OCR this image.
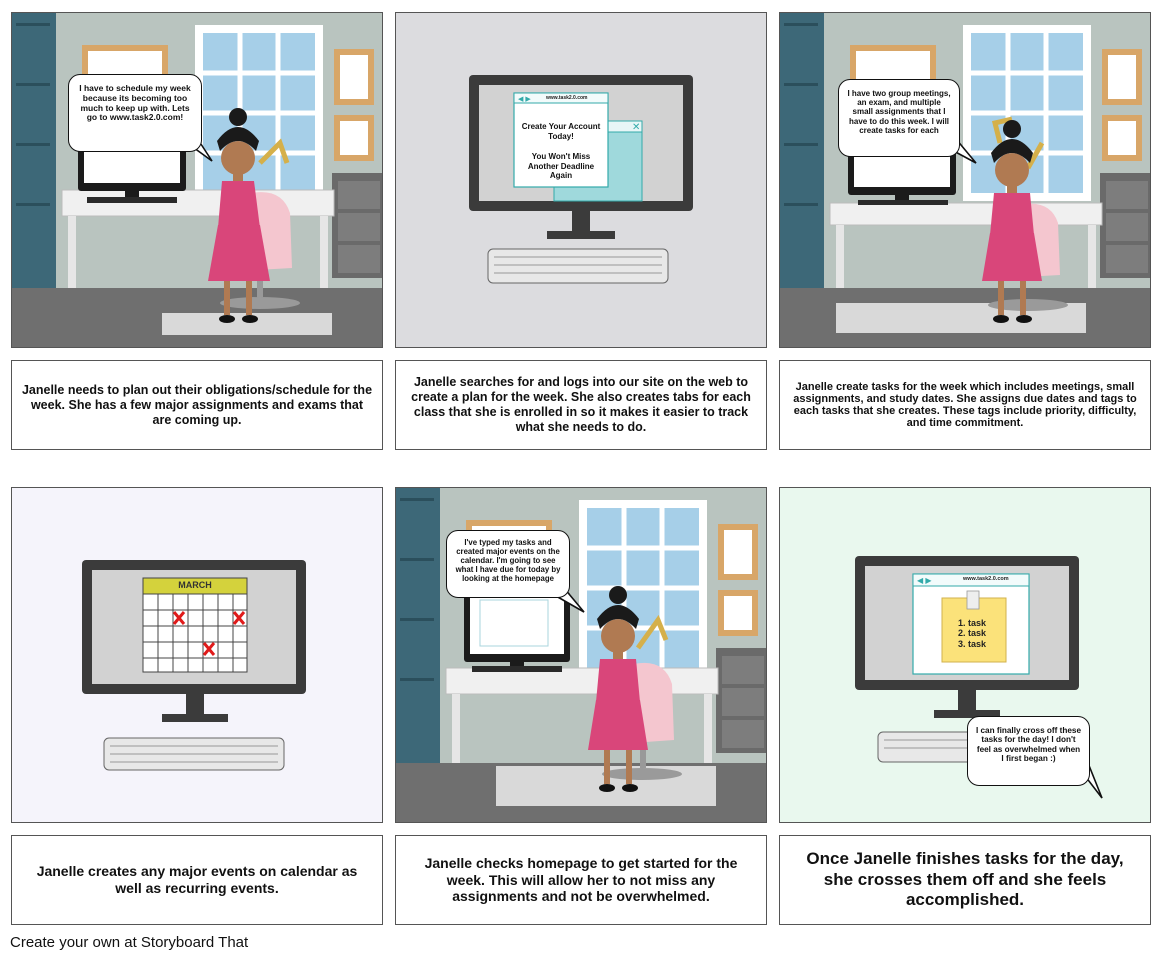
I have to schedule my week because its becoming too much to keep up with. Lets go to www.task2.0.com!
Janelle needs to plan out their obligations/schedule for the week. She has a few major assignments and exams that are coming up.
✕
◀ ▶	www.task2.0.com
Create Your Account Today!
You Won't Miss Another Deadline Again
Janelle searches for and logs into our site on the web to create a plan for the week. She also creates tabs for each class that she is enrolled in so it makes it easier to track what she needs to do.
I have two group meetings, an exam, and multiple small assignments that I have to do this week. I will create tasks for each
Janelle create tasks for the week which includes meetings, small assignments, and study dates. She assigns due dates and tags to each tasks that she creates. These tags include priority, difficulty, and time commitment.
MARCH
Janelle creates any major events on calendar as well as recurring events.
I've typed my tasks and created major events on the calendar. I'm going to see what I have due for today by looking at the homepage
Janelle checks homepage to get started for the week. This will allow her to not miss any assignments and not be overwhelmed.
◀ ▶	www.task2.0.com
1. task
2. task
3. task
I can finally cross off these tasks for the day! I don't feel as overwhelmed when I first began :)
Once Janelle finishes tasks for the day, she crosses them off and she feels accomplished.
Create your own at Storyboard That
